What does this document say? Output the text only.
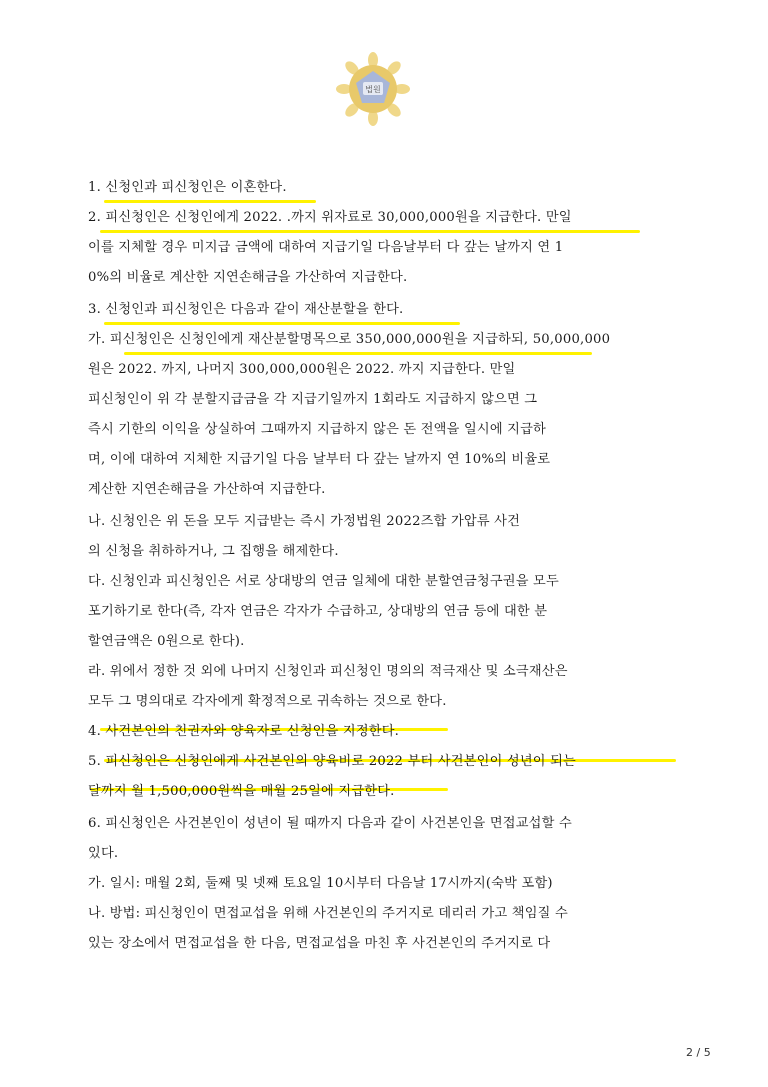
법원
1. 신청인과 피신청인은 이혼한다.
2. 피신청인은 신청인에게 2022. .까지 위자료로 30,000,000원을 지급한다. 만일
이를 지체할 경우 미지급 금액에 대하여 지급기일 다음날부터 다 갚는 날까지 연 1
0%의 비율로 계산한 지연손해금을 가산하여 지급한다.
3. 신청인과 피신청인은 다음과 같이 재산분할을 한다.
가. 피신청인은 신청인에게 재산분할명목으로 350,000,000원을 지급하되, 50,000,000
원은 2022. 까지, 나머지 300,000,000원은 2022. 까지 지급한다. 만일
피신청인이 위 각 분할지급금을 각 지급기일까지 1회라도 지급하지 않으면 그
즉시 기한의 이익을 상실하여 그때까지 지급하지 않은 돈 전액을 일시에 지급하
며, 이에 대하여 지체한 지급기일 다음 날부터 다 갚는 날까지 연 10%의 비율로
계산한 지연손해금을 가산하여 지급한다.
나. 신청인은 위 돈을 모두 지급받는 즉시 가정법원 2022즈합 가압류 사건
의 신청을 취하하거나, 그 집행을 해제한다.
다. 신청인과 피신청인은 서로 상대방의 연금 일체에 대한 분할연금청구권을 모두
포기하기로 한다(즉, 각자 연금은 각자가 수급하고, 상대방의 연금 등에 대한 분
할연금액은 0원으로 한다).
라. 위에서 정한 것 외에 나머지 신청인과 피신청인 명의의 적극재산 및 소극재산은
모두 그 명의대로 각자에게 확정적으로 귀속하는 것으로 한다.
4. 사건본인의 친권자와 양육자로 신청인을 지정한다.
5. 피신청인은 신청인에게 사건본인의 양육비로 2022 부터 사건본인이 성년이 되는
달까지 월 1,500,000원씩을 매월 25일에 지급한다.
6. 피신청인은 사건본인이 성년이 될 때까지 다음과 같이 사건본인을 면접교섭할 수
있다.
가. 일시: 매월 2회, 둘째 및 넷째 토요일 10시부터 다음날 17시까지(숙박 포함)
나. 방법: 피신청인이 면접교섭을 위해 사건본인의 주거지로 데리러 가고 책임질 수
있는 장소에서 면접교섭을 한 다음, 면접교섭을 마친 후 사건본인의 주거지로 다
2 / 5
